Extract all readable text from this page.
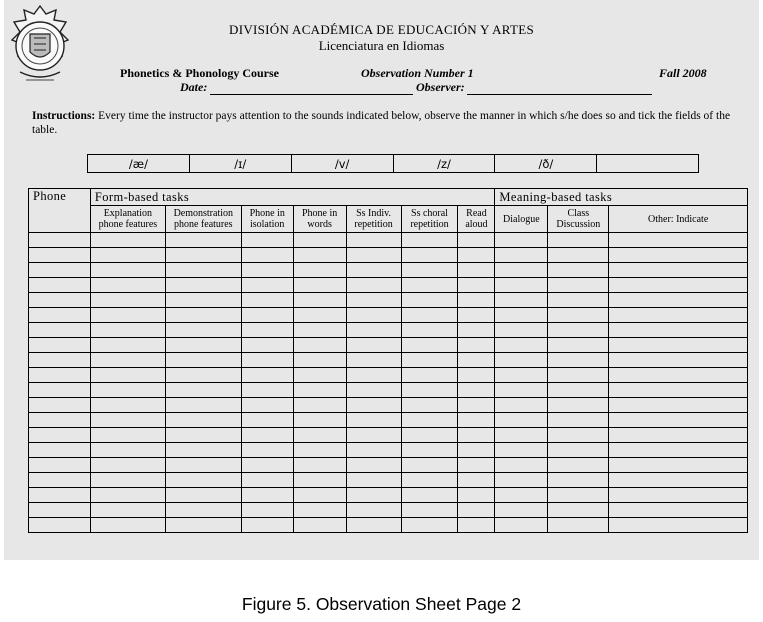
DIVISIÓN ACADÉMICA DE EDUCACIÓN Y ARTES
Licenciatura en Idiomas
Phonetics & Phonology Course	Observation Number 1	Fall 2008
Date:	Observer:
Instructions: Every time the instructor pays attention to the sounds indicated below, observe the manner in which s/he does so and tick the fields of the table.
/æ/	/ɪ/	/v/	/z/	/ð/	
Phone	Form-based tasks							Meaning-based tasks		
	Explanation phone features	Demonstration phone features	Phone in isolation	Phone in words	Ss Indiv. repetition	Ss choral repetition	Read aloud	Dialogue	Class Discussion	Other: Indicate

Figure 5. Observation Sheet Page 2
